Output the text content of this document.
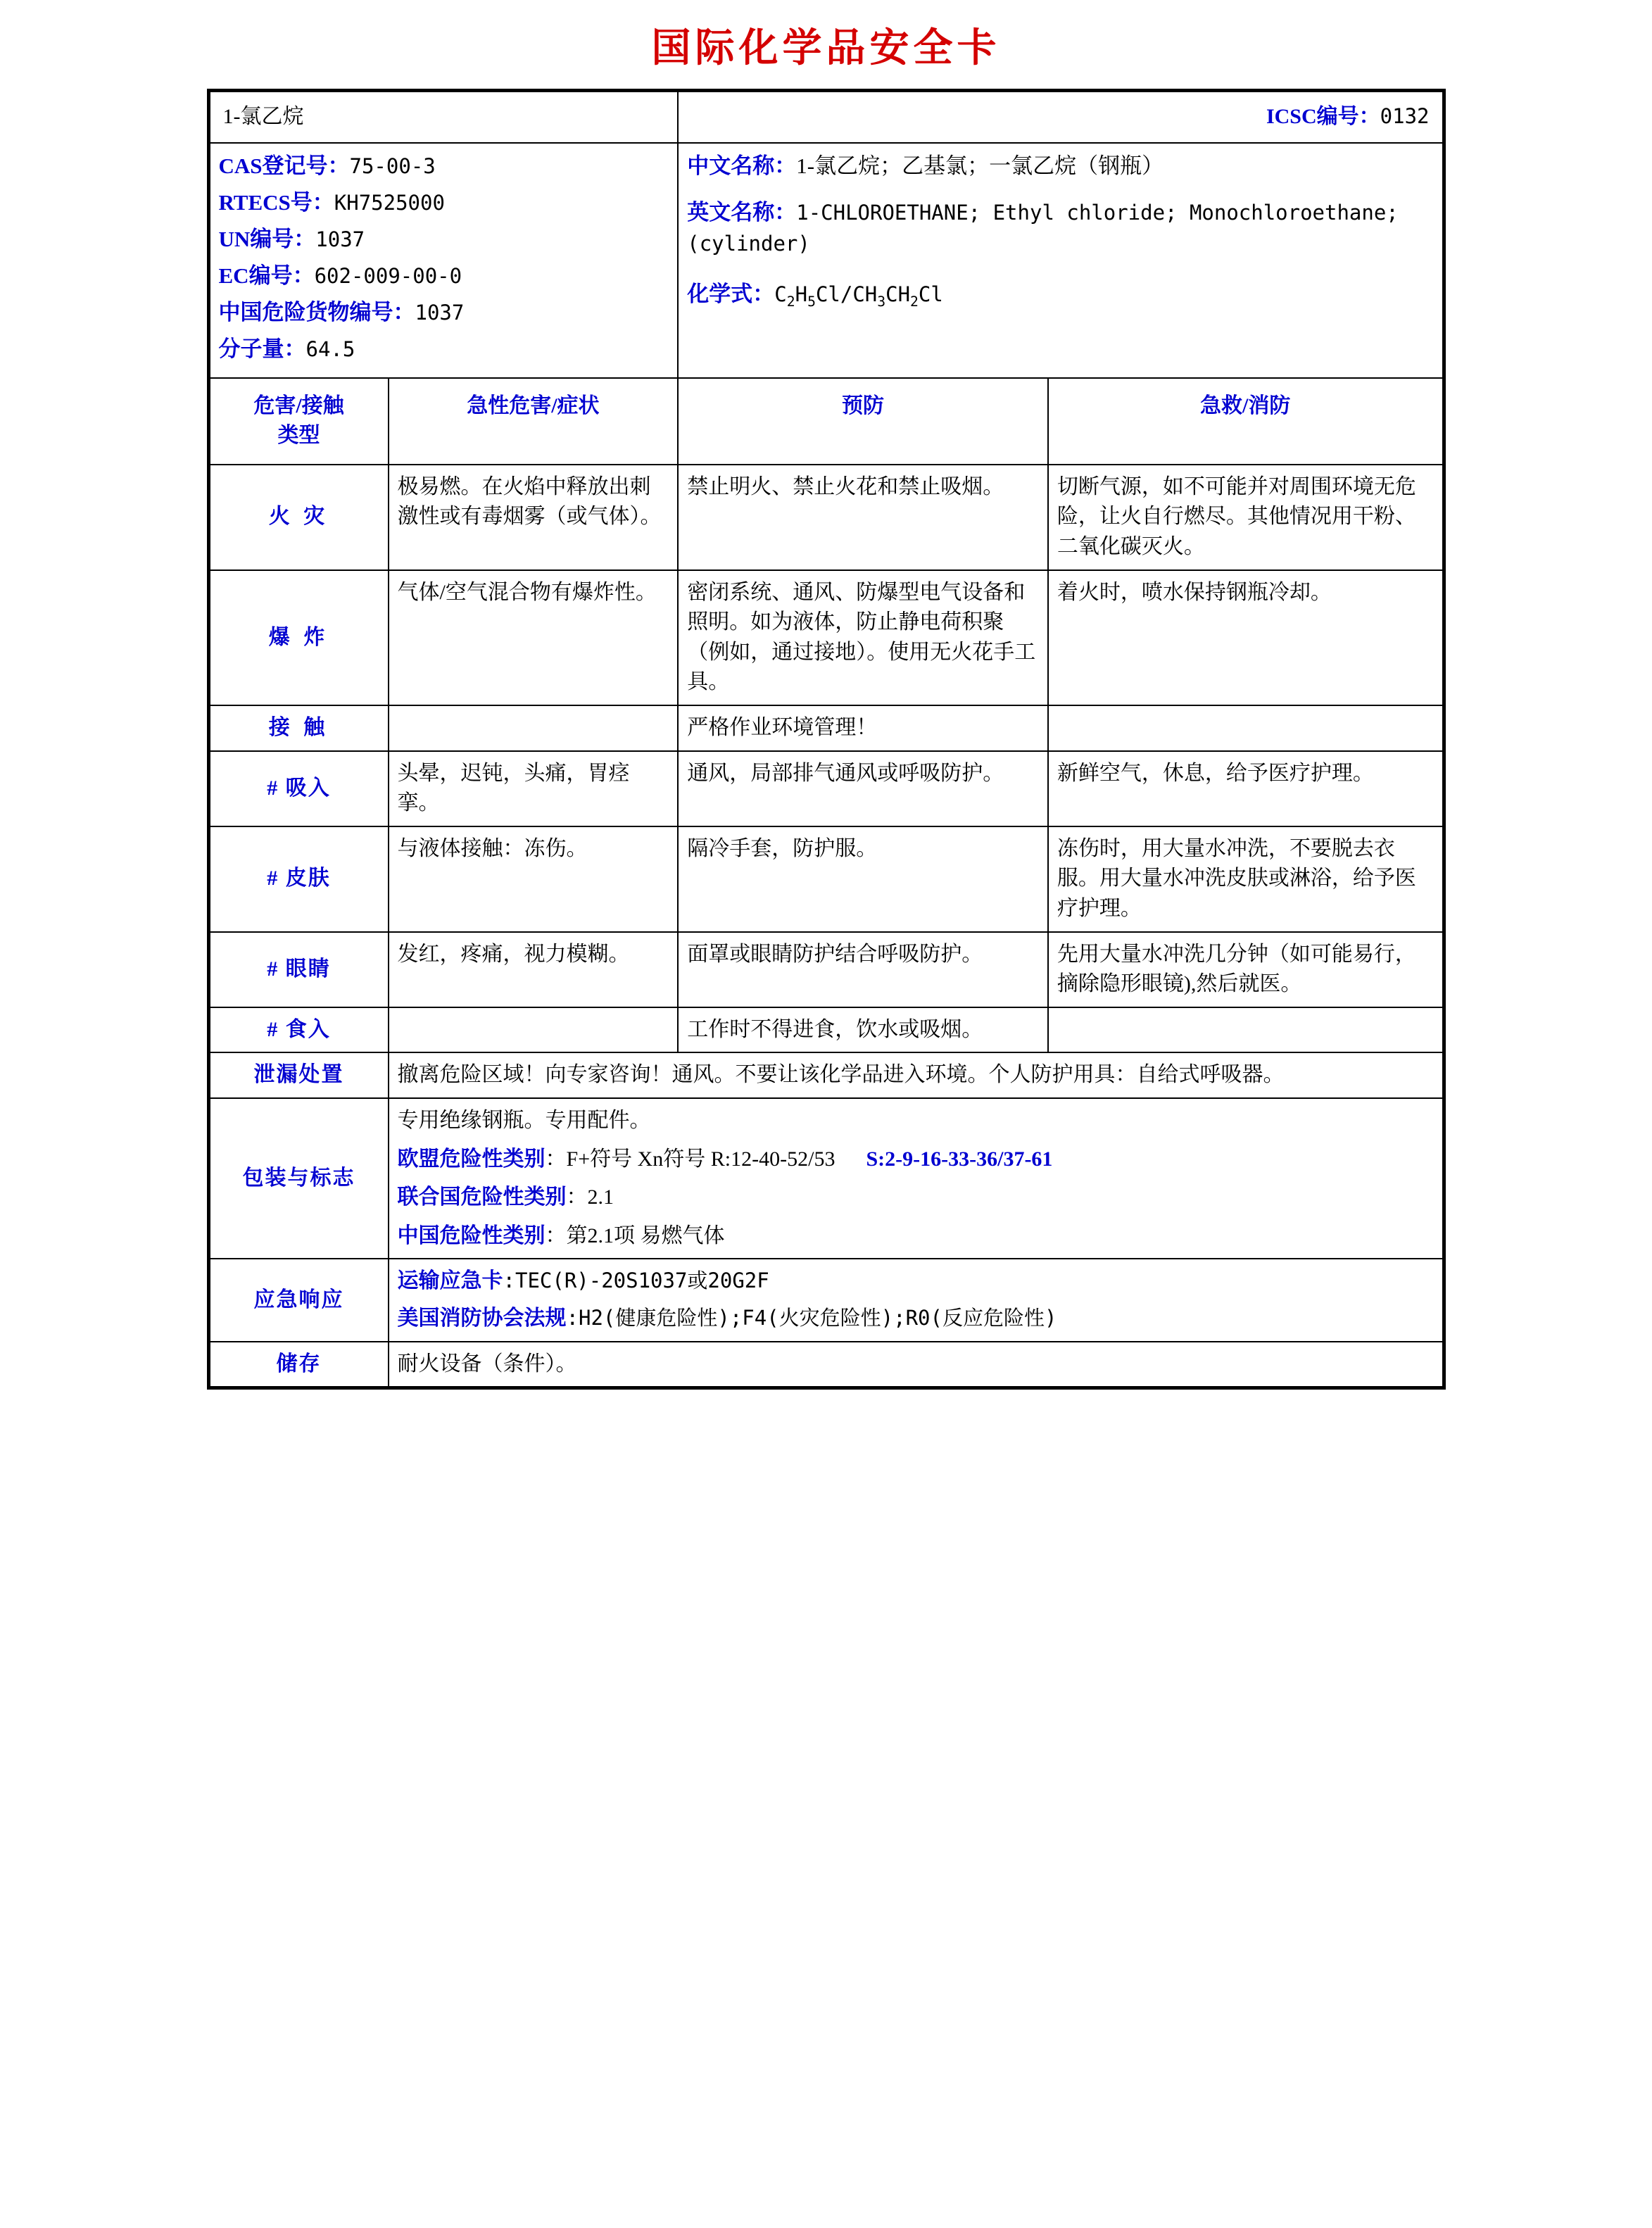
国际化学品安全卡
1-氯乙烷		ICSC编号：0132	

CAS登记号：75-00-3
RTECS号：KH7525000
UN编号：1037
EC编号：602-009-00-0
中国危险货物编号：1037
分子量：64.5

中文名称：1-氯乙烷；乙基氯；一氯乙烷（钢瓶）
英文名称：1-CHLOROETHANE; Ethyl chloride; Monochloroethane; (cylinder)
化学式：$C_2H_5Cl/CH_3CH_2Cl$

危害/接触
类型	急性危害/症状	预防	急救/消防
火 灾	极易燃。在火焰中释放出刺激性或有毒烟雾（或气体）。	禁止明火、禁止火花和禁止吸烟。	切断气源，如不可能并对周围环境无危险，让火自行燃尽。其他情况用干粉、二氧化碳灭火。
爆 炸	气体/空气混合物有爆炸性。	密闭系统、通风、防爆型电气设备和照明。如为液体，防止静电荷积聚（例如，通过接地）。使用无火花手工具。	着火时，喷水保持钢瓶冷却。
接 触		严格作业环境管理！	
# 吸入	头晕，迟钝，头痛，胃痉挛。	通风，局部排气通风或呼吸防护。	新鲜空气，休息，给予医疗护理。
# 皮肤	与液体接触：冻伤。	隔冷手套，防护服。	冻伤时，用大量水冲洗，不要脱去衣服。用大量水冲洗皮肤或淋浴，给予医疗护理。
# 眼睛	发红，疼痛，视力模糊。	面罩或眼睛防护结合呼吸防护。	先用大量水冲洗几分钟（如可能易行，摘除隐形眼镜),然后就医。
# 食入		工作时不得进食，饮水或吸烟。	
泄漏处置	撤离危险区域！向专家咨询！通风。不要让该化学品进入环境。个人防护用具：自给式呼吸器。		
包装与标志	专用绝缘钢瓶。专用配件。
欧盟危险性类别：F+符号 Xn符号 R:12-40-52/53 S:2-9-16-33-36/37-61
联合国危险性类别：2.1
中国危险性类别：第2.1项 易燃气体		

应急响应	运输应急卡:TEC(R)-20S1037或20G2F
美国消防协会法规:H2(健康危险性);F4(火灾危险性);R0(反应危险性)		

储存	耐火设备（条件）。		
